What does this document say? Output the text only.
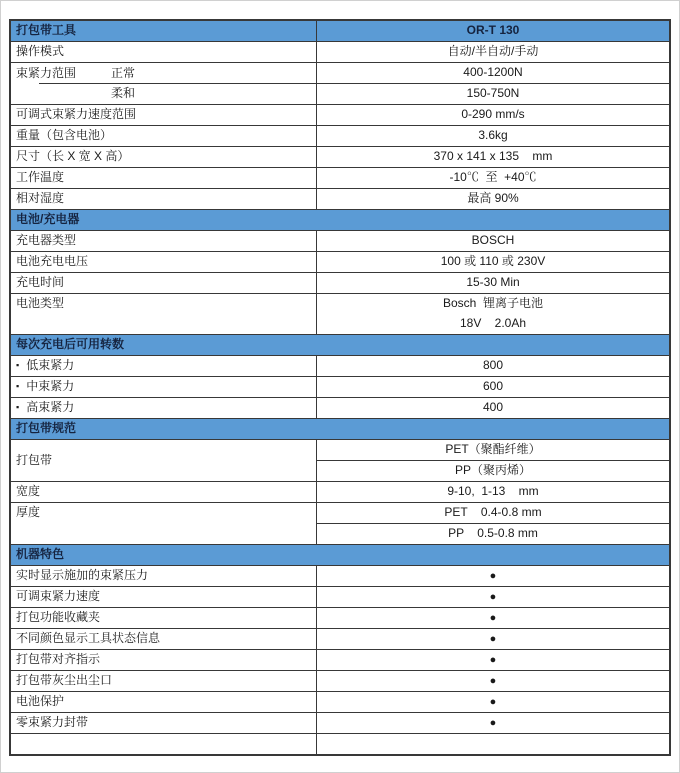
打包带工具	OR-T 130
操作模式	自动/半自动/手动
束紧力范围 正常	400-1200N
柔和	150-750N
可调式束紧力速度范围	0-290 mm/s
重量（包含电池）	3.6kg
尺寸（长 X 宽 X 高）	370 x 141 x 135    mm
工作温度	-10℃  至  +40℃
相对湿度	最高 90%
电池/充电器	
充电器类型	BOSCH
电池充电电压	100 或 110 或 230V
充电时间	15-30 Min
电池类型	Bosch  锂离子电池
	18V    2.0Ah
每次充电后可用转数	
▪ 低束紧力	800
▪ 中束紧力	600
▪ 高束紧力	400
打包带规范	
打包带	PET（聚酯纤维）
	PP（聚丙烯）
宽度	9-10,  1-13    mm
厚度	PET    0.4-0.8 mm
	PP    0.5-0.8 mm
机器特色	
实时显示施加的束紧压力	●
可调束紧力速度	●
打包功能收藏夹	●
不同颜色显示工具状态信息	●
打包带对齐指示	●
打包带灰尘出尘口	●
电池保护	●
零束紧力封带	●
